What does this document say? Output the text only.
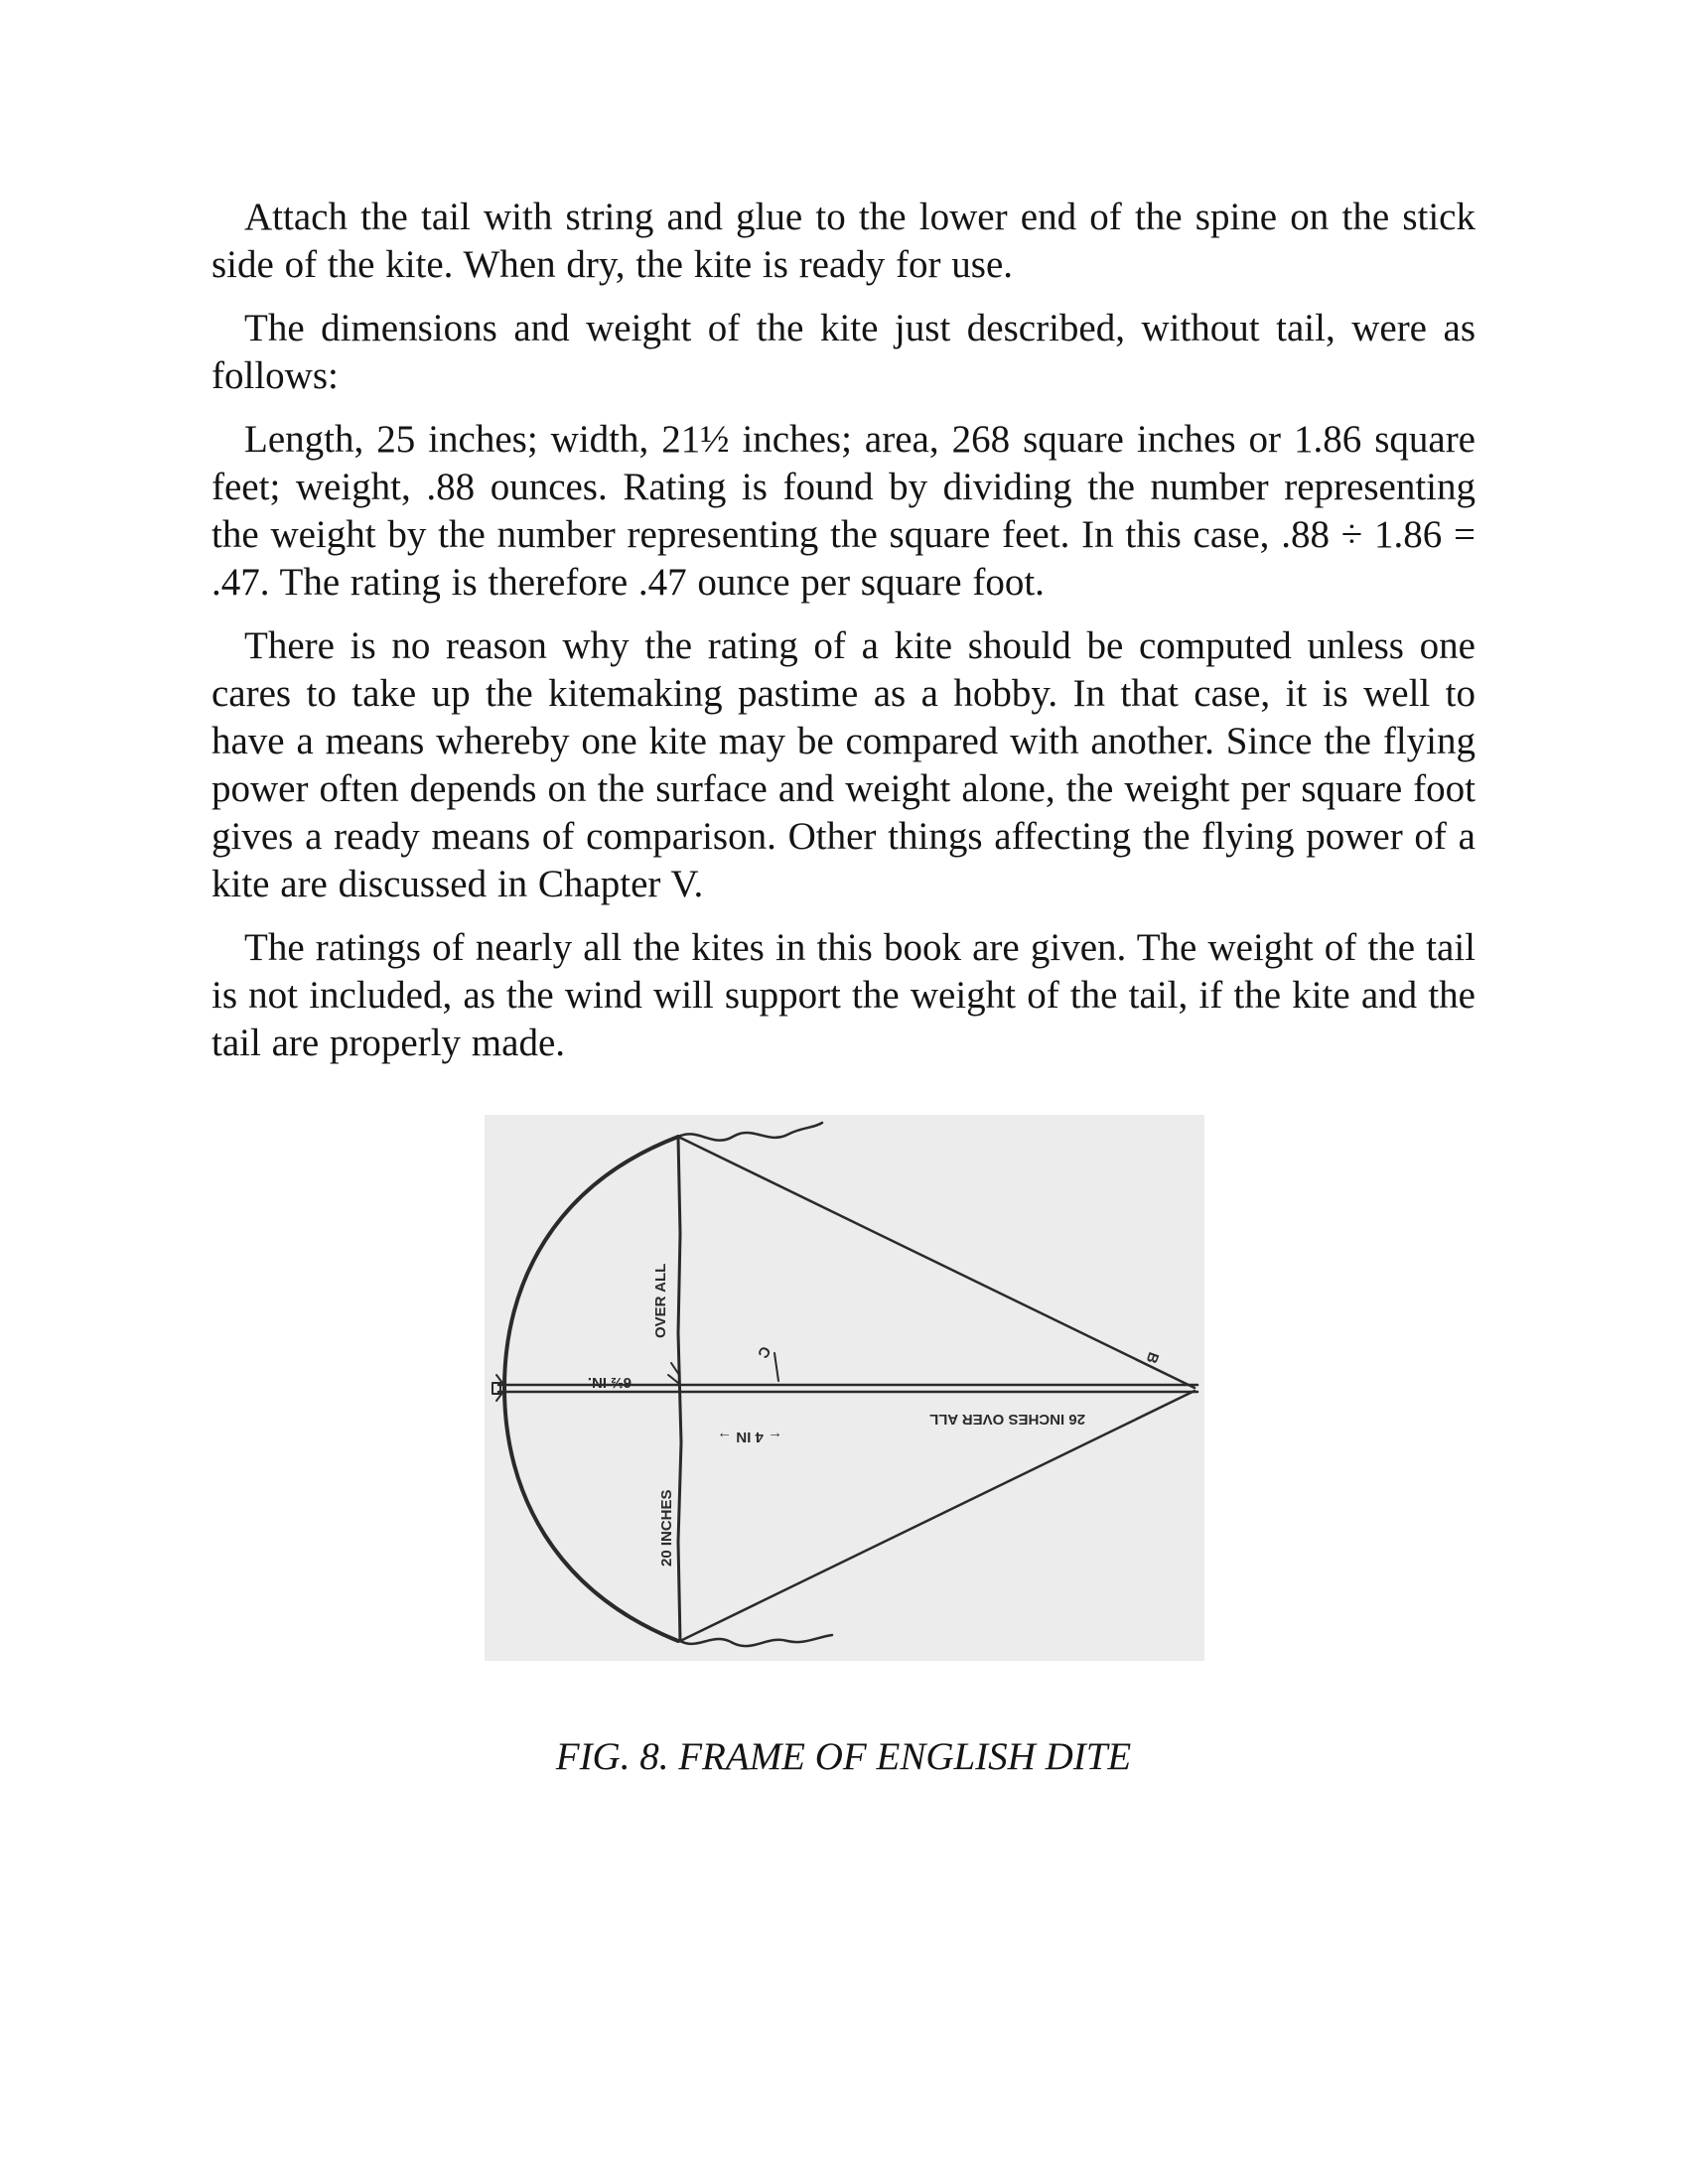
Attach the tail with string and glue to the lower end of the spine on the stick side of the kite. When dry, the kite is ready for use.

The dimensions and weight of the kite just described, without tail, were as follows:

Length, 25 inches; width, 21½ inches; area, 268 square inches or 1.86 square feet; weight, .88 ounces. Rating is found by dividing the number representing the weight by the number representing the square feet. In this case, .88 ÷ 1.86 = .47. The rating is therefore .47 ounce per square foot.

There is no reason why the rating of a kite should be computed unless one cares to take up the kitemaking pastime as a hobby. In that case, it is well to have a means whereby one kite may be compared with another. Since the flying power often depends on the surface and weight alone, the weight per square foot gives a ready means of comparison. Other things affecting the flying power of a kite are discussed in Chapter V.

The ratings of nearly all the kites in this book are given. The weight of the tail is not included, as the wind will support the weight of the tail, if the kite and the tail are properly made.

OVER ALL
20 INCHES
6½ IN.
← 4 IN →
26 INCHES OVER ALL
C	B

FIG. 8. FRAME OF ENGLISH DITE
